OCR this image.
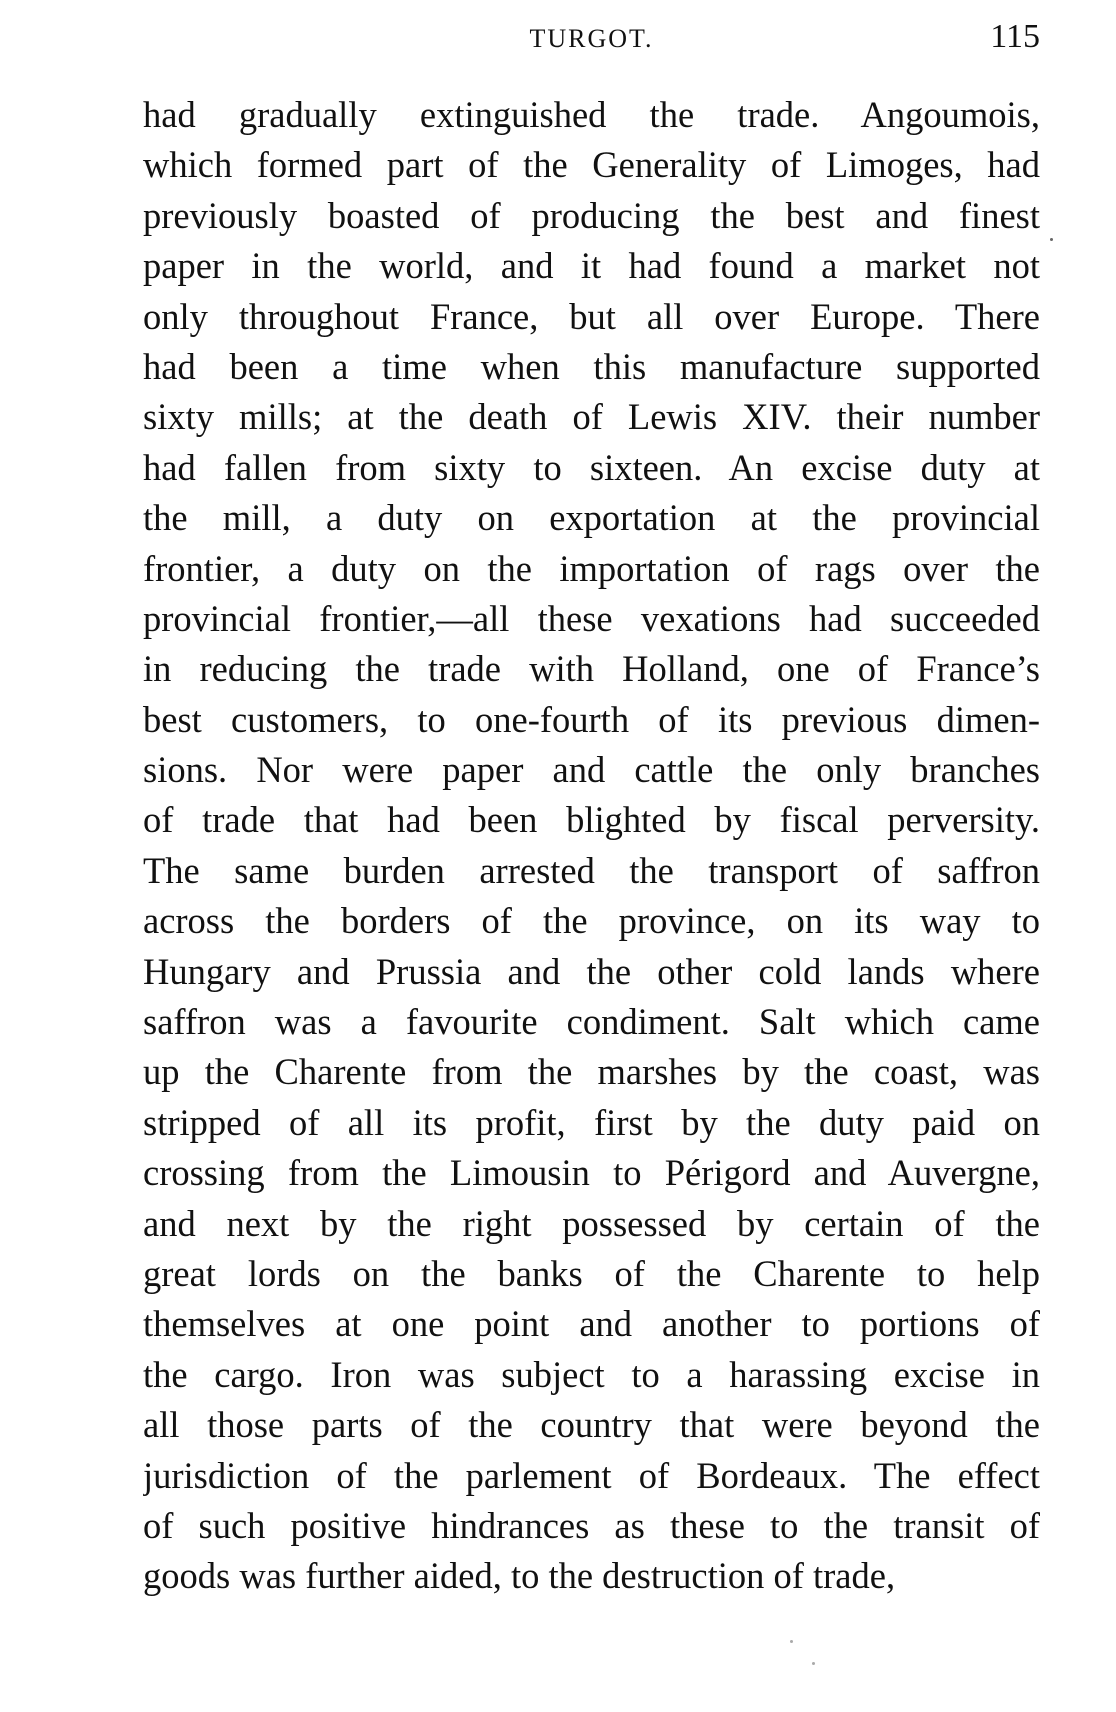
TURGOT.	115
had gradually extinguished the trade. Angoumois,
which formed part of the Generality of Limoges, had
previously boasted of producing the best and finest
paper in the world, and it had found a market not
only throughout France, but all over Europe. There
had been a time when this manufacture supported
sixty mills; at the death of Lewis XIV. their number
had fallen from sixty to sixteen. An excise duty at
the mill, a duty on exportation at the provincial
frontier, a duty on the importation of rags over the
provincial frontier,—all these vexations had succeeded
in reducing the trade with Holland, one of France’s
best customers, to one-fourth of its previous dimen-
sions. Nor were paper and cattle the only branches
of trade that had been blighted by fiscal perversity.
The same burden arrested the transport of saffron
across the borders of the province, on its way to
Hungary and Prussia and the other cold lands where
saffron was a favourite condiment. Salt which came
up the Charente from the marshes by the coast, was
stripped of all its profit, first by the duty paid on
crossing from the Limousin to Périgord and Auvergne,
and next by the right possessed by certain of the
great lords on the banks of the Charente to help
themselves at one point and another to portions of
the cargo. Iron was subject to a harassing excise in
all those parts of the country that were beyond the
jurisdiction of the parlement of Bordeaux. The effect
of such positive hindrances as these to the transit of
goods was further aided, to the destruction of trade,
